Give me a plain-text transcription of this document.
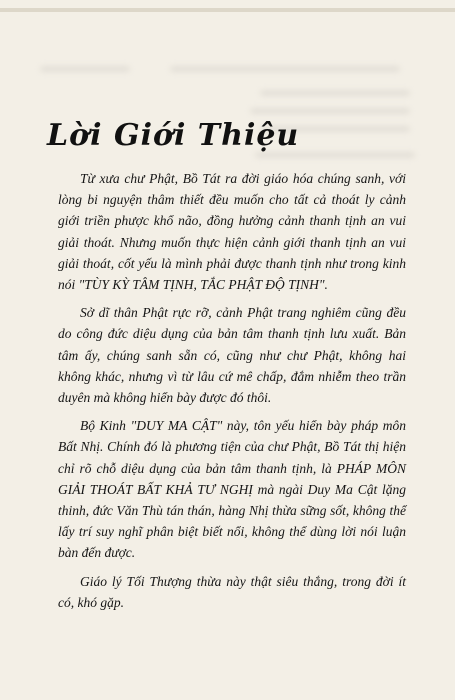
Lời Giới Thiệu

Từ xưa chư Phật, Bồ Tát ra đời giáo hóa chúng sanh, với lòng bi nguyện thâm thiết đều muốn cho tất cả thoát ly cảnh giới triền phược khổ não, đồng hưởng cảnh thanh tịnh an vui giải thoát. Nhưng muốn thực hiện cảnh giới thanh tịnh an vui giải thoát, cốt yếu là mình phải được thanh tịnh như trong kinh nói "TÙY KỲ TÂM TỊNH, TẮC PHẬT ĐỘ TỊNH".

Sở dĩ thân Phật rực rỡ, cảnh Phật trang nghiêm cũng đều do công đức diệu dụng của bản tâm thanh tịnh lưu xuất. Bản tâm ấy, chúng sanh sẵn có, cũng như chư Phật, không hai không khác, nhưng vì từ lâu cứ mê chấp, đắm nhiễm theo trần duyên mà không hiển bày được đó thôi.

Bộ Kinh "DUY MA CẬT" này, tôn yếu hiển bày pháp môn Bất Nhị. Chính đó là phương tiện của chư Phật, Bồ Tát thị hiện chỉ rõ chỗ diệu dụng của bản tâm thanh tịnh, là PHÁP MÔN GIẢI THOÁT BẤT KHẢ TƯ NGHỊ mà ngài Duy Ma Cật lặng thinh, đức Văn Thù tán thán, hàng Nhị thừa sững sốt, không thể lấy trí suy nghĩ phân biệt biết nổi, không thể dùng lời nói luận bàn đến được.

Giáo lý Tối Thượng thừa này thật siêu thắng, trong đời ít có, khó gặp.
